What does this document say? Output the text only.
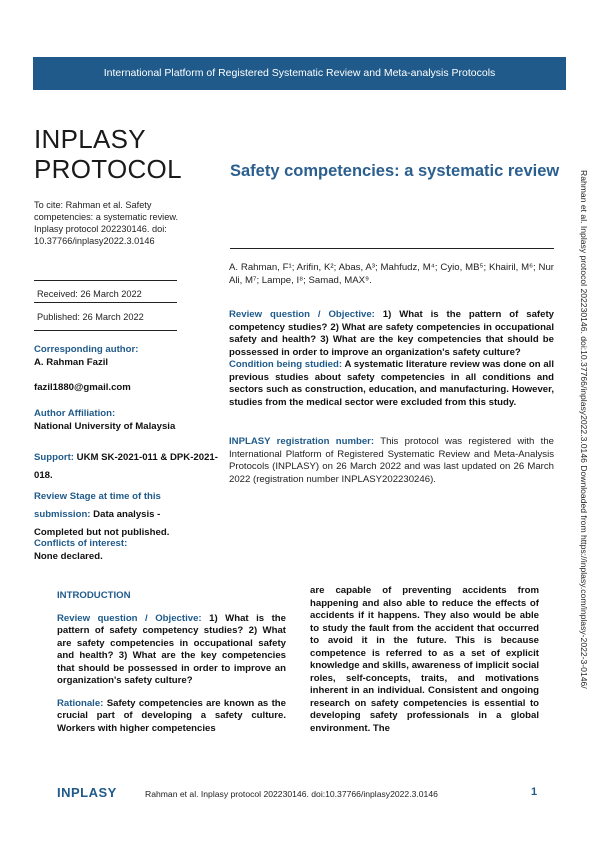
International Platform of Registered Systematic Review and Meta-analysis Protocols
Rahman et al. Inplasy protocol 202230146. doi:10.37766/inplasy2022.3.0146 Downloaded from https://inplasy.com/inplasy-2022-3-0146/
INPLASY
PROTOCOL
To cite: Rahman et al. Safety competencies: a systematic review. Inplasy protocol 202230146. doi: 10.37766/inplasy2022.3.0146
Received: 26 March 2022
Published: 26 March 2022
Corresponding author:
A. Rahman Fazil
fazil1880@gmail.com
Author Affiliation:
National University of Malaysia
Support: UKM SK-2021-011 & DPK-2021-018.
Review Stage at time of this submission: Data analysis - Completed but not published.
Conflicts of interest:
None declared.
Safety competencies: a systematic review
A. Rahman, F¹; Arifin, K²; Abas, A³; Mahfudz, M⁴; Cyio, MB⁵; Khairil, M⁶; Nur Ali, M⁷; Lampe, I⁸; Samad, MAX⁹.
Review question / Objective: 1) What is the pattern of safety competency studies? 2) What are safety competencies in occupational safety and health? 3) What are the key competencies that should be possessed in order to improve an organization's safety culture?
Condition being studied: A systematic literature review was done on all previous studies about safety competencies in all conditions and sectors such as construction, education, and manufacturing. However, studies from the medical sector were excluded from this study.
INPLASY registration number: This protocol was registered with the International Platform of Registered Systematic Review and Meta-Analysis Protocols (INPLASY) on 26 March 2022 and was last updated on 26 March 2022 (registration number INPLASY202230246).
INTRODUCTION

Review question / Objective: 1) What is the pattern of safety competency studies? 2) What are safety competencies in occupational safety and health? 3) What are the key competencies that should be possessed in order to improve an organization's safety culture?

Rationale: Safety competencies are known as the crucial part of developing a safety culture. Workers with higher competencies

are capable of preventing accidents from happening and also able to reduce the effects of accidents if it happens. They also would be able to study the fault from the accident that occurred to avoid it in the future. This is because competence is referred to as a set of explicit knowledge and skills, awareness of implicit social roles, self-concepts, traits, and motivations inherent in an individual. Consistent and ongoing research on safety competencies is essential to developing safety professionals in a global environment. The
INPLASY	Rahman et al. Inplasy protocol 202230146. doi:10.37766/inplasy2022.3.0146	1
